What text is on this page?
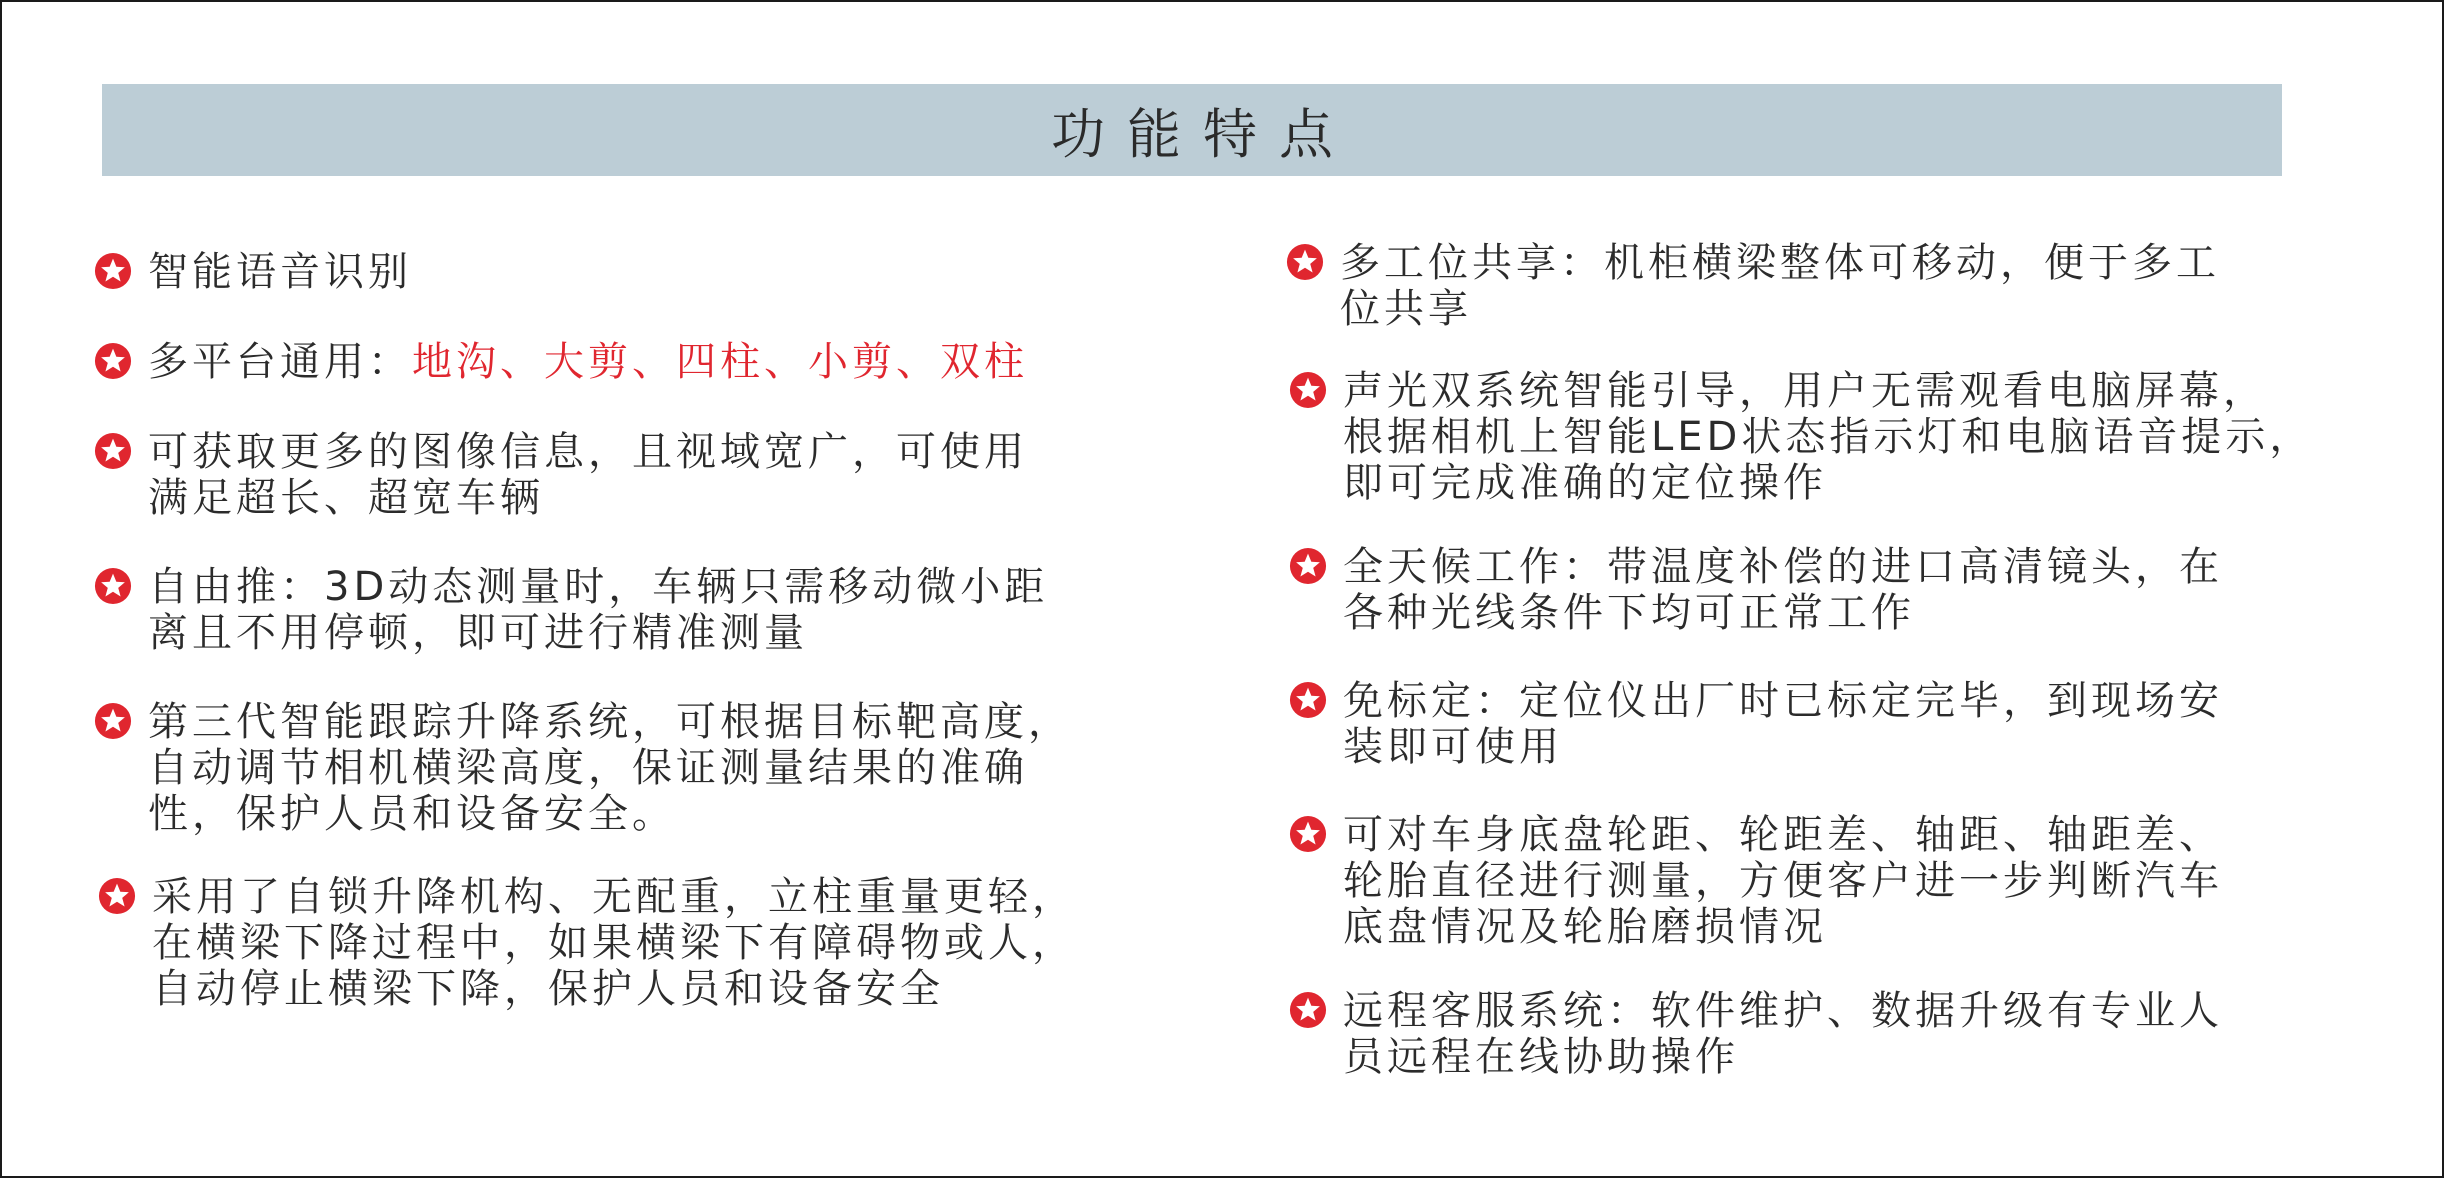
功能特点
智能语音识别
多平台通用：地沟、大剪、四柱、小剪、双柱
可获取更多的图像信息，且视域宽广，可使用
满足超长、超宽车辆
自由推：3D动态测量时，车辆只需移动微小距
离且不用停顿，即可进行精准测量
第三代智能跟踪升降系统，可根据目标靶高度，
自动调节相机横梁高度，保证测量结果的准确
性，保护人员和设备安全。
采用了自锁升降机构、无配重，立柱重量更轻，
在横梁下降过程中，如果横梁下有障碍物或人，
自动停止横梁下降，保护人员和设备安全
多工位共享：机柜横梁整体可移动，便于多工
位共享
声光双系统智能引导，用户无需观看电脑屏幕，
根据相机上智能LED状态指示灯和电脑语音提示，
即可完成准确的定位操作
全天候工作：带温度补偿的进口高清镜头，在
各种光线条件下均可正常工作
免标定：定位仪出厂时已标定完毕，到现场安
装即可使用
可对车身底盘轮距、轮距差、轴距、轴距差、
轮胎直径进行测量，方便客户进一步判断汽车
底盘情况及轮胎磨损情况
远程客服系统：软件维护、数据升级有专业人
员远程在线协助操作
